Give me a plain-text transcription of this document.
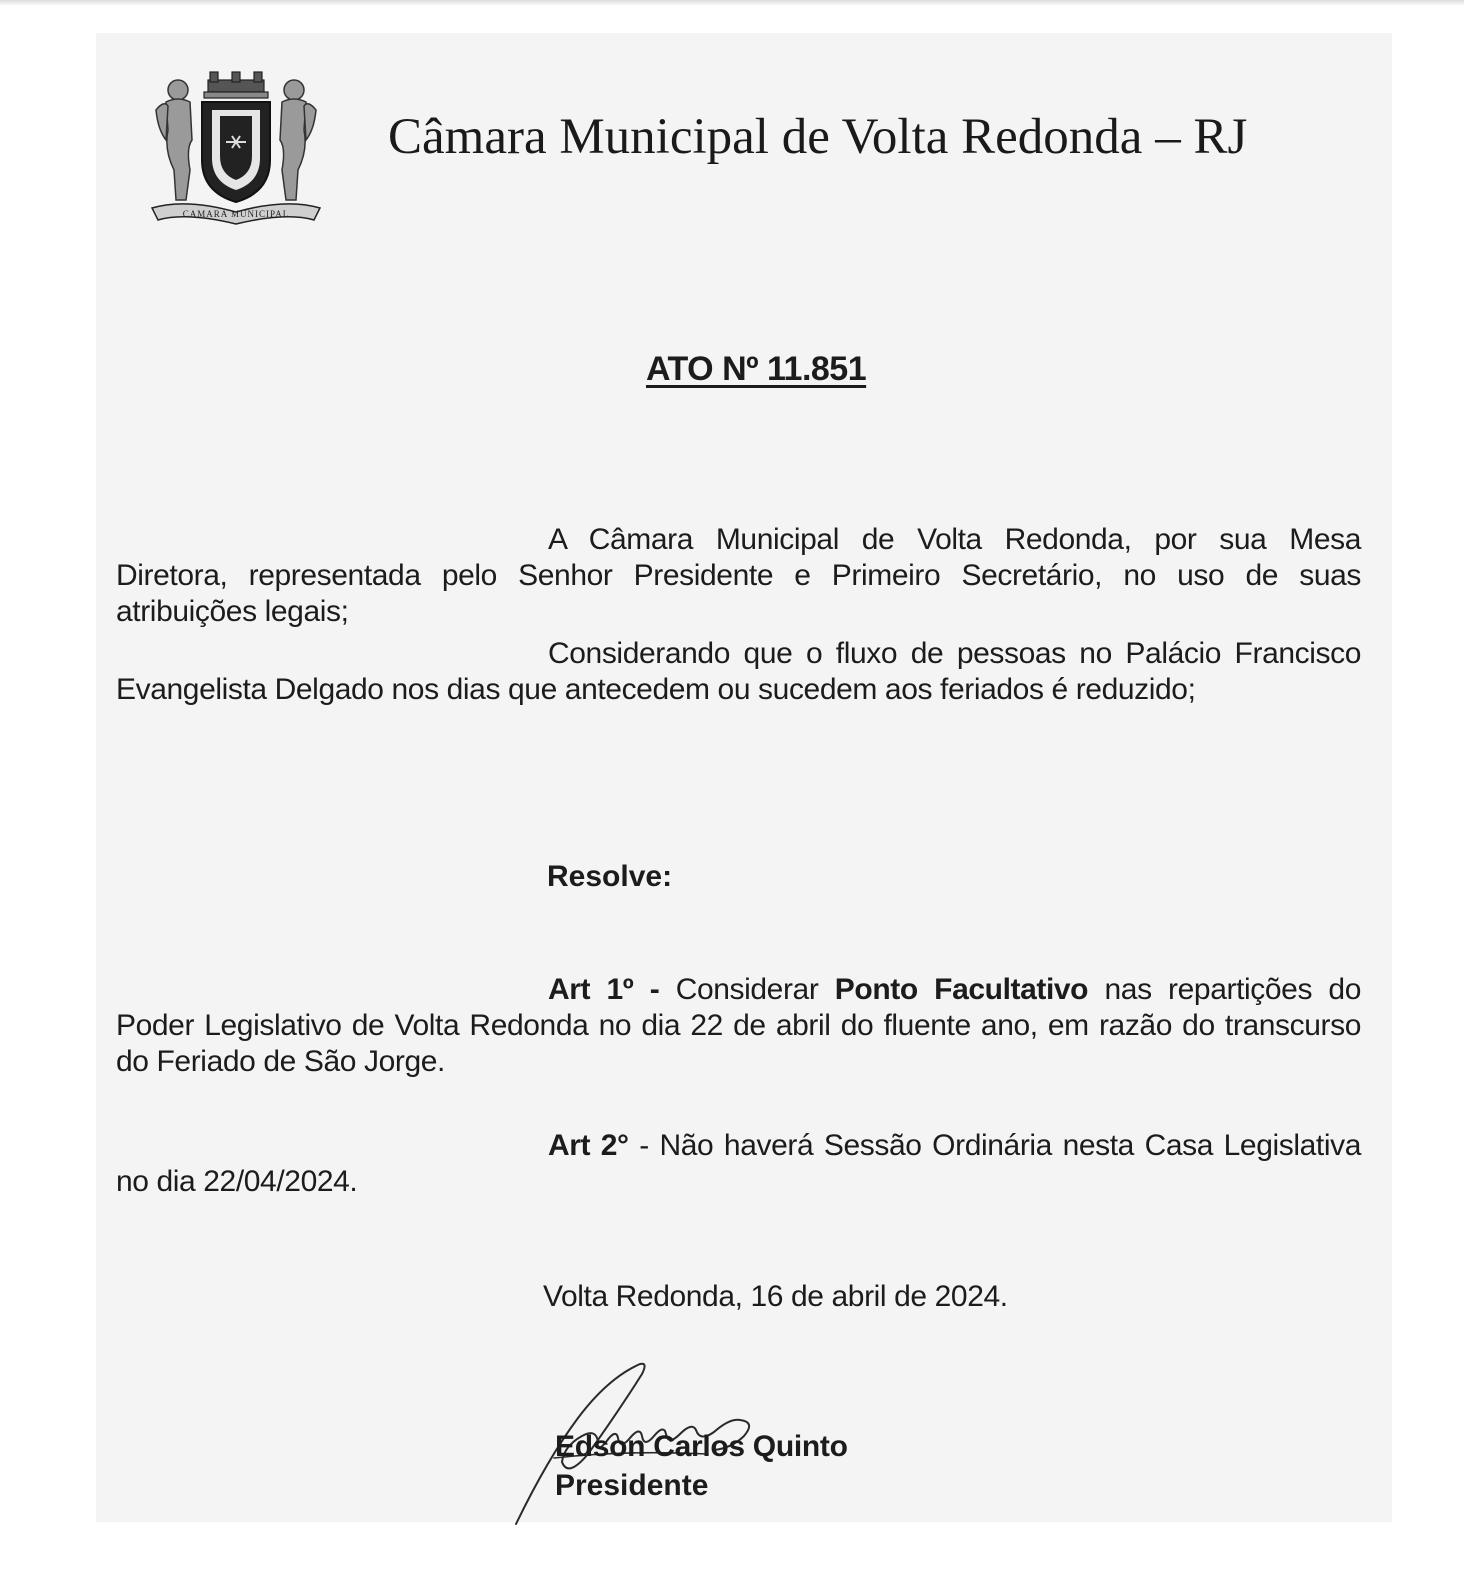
CAMARA MUNICIPAL
Câmara Municipal de Volta Redonda – RJ
ATO Nº 11.851

A Câmara Municipal de Volta Redonda, por sua Mesa Diretora, representada pelo Senhor Presidente e Primeiro Secretário, no uso de suas atribuições legais;

Considerando que o fluxo de pessoas no Palácio Francisco Evangelista Delgado nos dias que antecedem ou sucedem aos feriados é reduzido;

Resolve:

Art 1º - Considerar Ponto Facultativo nas repartições do Poder Legislativo de Volta Redonda no dia 22 de abril do fluente ano, em razão do transcurso do Feriado de São Jorge.

Art 2° - Não haverá Sessão Ordinária nesta Casa Legislativa no dia 22/04/2024.

Volta Redonda, 16 de abril de 2024.

Edson Carlos Quinto

Presidente
